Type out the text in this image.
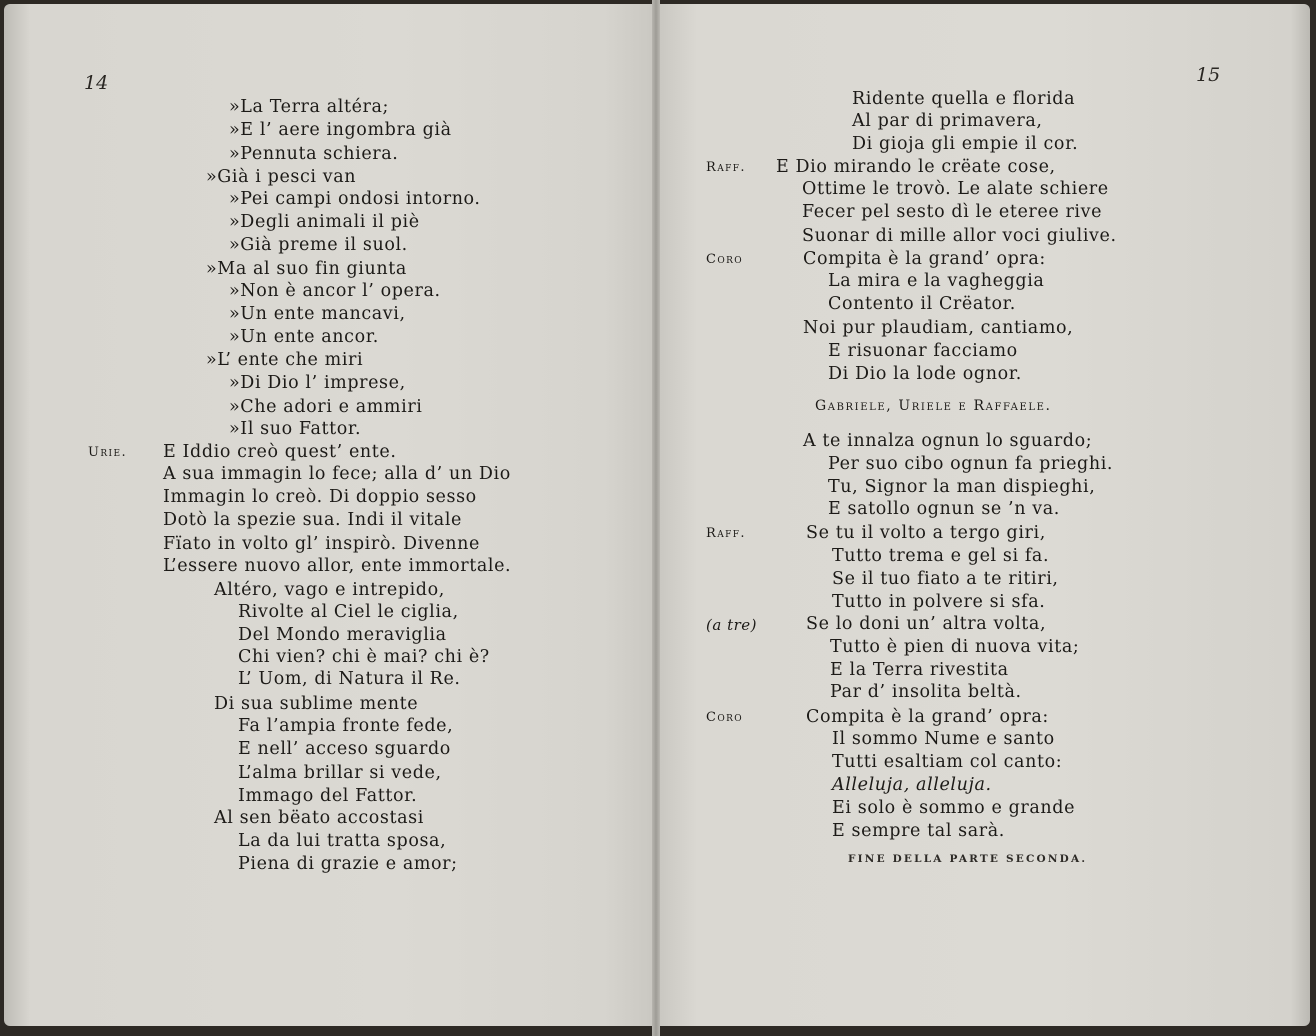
14	15
»La Terra altéra;
»E l’ aere ingombra già
»Pennuta schiera.
»Già i pesci van
»Pei campi ondosi intorno.
»Degli animali il piè
»Già preme il suol.
»Ma al suo fin giunta
»Non è ancor l’ opera.
»Un ente mancavi,
»Un ente ancor.
»L’ ente che miri
»Di Dio l’ imprese,
»Che adori e ammiri
»Il suo Fattor.
Urie. E Iddio creò quest’ ente.
A sua immagin lo fece; alla d’ un Dio
Immagin lo creò. Di doppio sesso
Dotò la spezie sua. Indi il vitale
Fïato in volto gl’ inspirò. Divenne
L’essere nuovo allor, ente immortale.
Altéro, vago e intrepido,
Rivolte al Ciel le ciglia,
Del Mondo meraviglia
Chi vien? chi è mai? chi è?
L’ Uom, di Natura il Re.
Di sua sublime mente
Fa l’ampia fronte fede,
E nell’ acceso sguardo
L’alma brillar si vede,
Immago del Fattor.
Al sen bëato accostasi
La da lui tratta sposa,
Piena di grazie e amor;
Ridente quella e florida
Al par di primavera,
Di gioja gli empie il cor.
Raff. E Dio mirando le crëate cose,
Ottime le trovò. Le alate schiere
Fecer pel sesto dì le eteree rive
Suonar di mille allor voci giulive.
Coro	Compita è la grand’ opra:
La mira e la vagheggia
Contento il Crëator.
Noi pur plaudiam, cantiamo,
E risuonar facciamo
Di Dio la lode ognor.
A te innalza ognun lo sguardo;
Per suo cibo ognun fa prieghi.
Tu, Signor la man dispieghi,
E satollo ognun se ’n va.
Raff.	Se tu il volto a tergo giri,
Tutto trema e gel si fa.
Se il tuo fiato a te ritiri,
Tutto in polvere si sfa.
(a tre)	Se lo doni un’ altra volta,
Tutto è pien di nuova vita;
E la Terra rivestita
Par d’ insolita beltà.
Coro	Compita è la grand’ opra:
Il sommo Nume e santo
Tutti esaltiam col canto:
Alleluja, alleluja.
Ei solo è sommo e grande
E sempre tal sarà.
Gabriele, Uriele e Raffaele.
FINE DELLA PARTE SECONDA.
